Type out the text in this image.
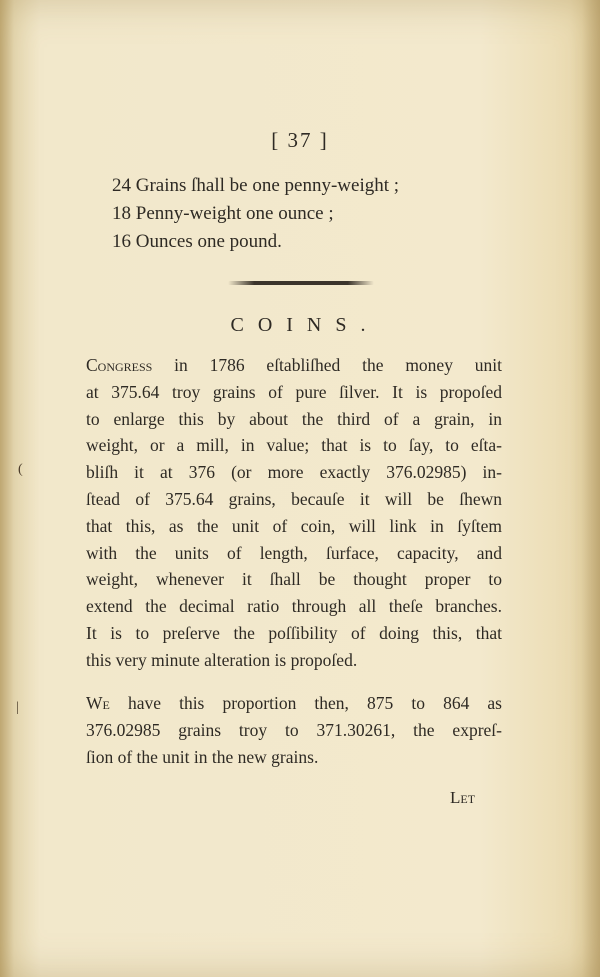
[ 37 ]
24 Grains ſhall be one penny-weight ;
18 Penny-weight one ounce ;
16 Ounces one pound.
COINS.
Congress in 1786 eſtabliſhed the money unit
at 375.64 troy grains of pure ſilver. It is propoſed
to enlarge this by about the third of a grain, in
weight, or a mill, in value; that is to ſay, to eſta-
bliſh it at 376 (or more exactly 376.02985) in-
ſtead of 375.64 grains, becauſe it will be ſhewn
that this, as the unit of coin, will link in ſyſtem
with the units of length, ſurface, capacity, and
weight, whenever it ſhall be thought proper to
extend the decimal ratio through all theſe branches.
It is to preſerve the poſſibility of doing this, that
this very minute alteration is propoſed.
We have this proportion then, 875 to 864 as
376.02985 grains troy to 371.30261, the expreſ-
ſion of the unit in the new grains.
Let
(
|
